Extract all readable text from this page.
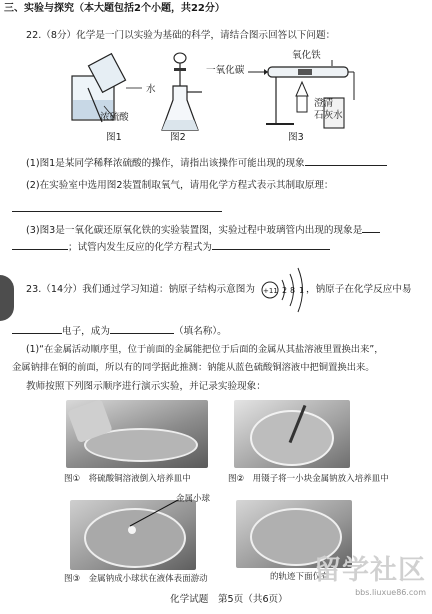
三、实验与探究（本大题包括2个小题，共22分）
22.（8分）化学是一门以实验为基础的科学，请结合图示回答以下问题：
水
浓硫酸
图1	图2
一氧化碳
氧化铁
澄清
石灰水
图3
(1)图1是某同学稀释浓硫酸的操作，请指出该操作可能出现的现象
(2)在实验室中选用图2装置制取氧气，请用化学方程式表示其制取原理：
(3)图3是一氧化碳还原氧化铁的实验装置图，实验过程中玻璃管内出现的现象是
；试管内发生反应的化学方程式为
23.（14分）我们通过学习知道：钠原子结构示意图为 +11 2 8 1 ，钠原子在化学反应中易
电子，成为	（填名称）。
(1)“在金属活动顺序里，位于前面的金属能把位于后面的金属从其盐溶液里置换出来”，
金属钠排在铜的前面，所以有的同学据此推测：钠能从蓝色硫酸铜溶液中把铜置换出来。
教师按照下列图示顺序进行演示实验，并记录实验现象：
图①　将硫酸铜溶液倒入培养皿中	图②　用镊子将一小块金属钠放入培养皿中
金属小球
图③　金属钠成小球状在液体表面游动	的轨迹下面仅有
化学试题　第5页（共6页）
留学社区
bbs.liuxue86.com
